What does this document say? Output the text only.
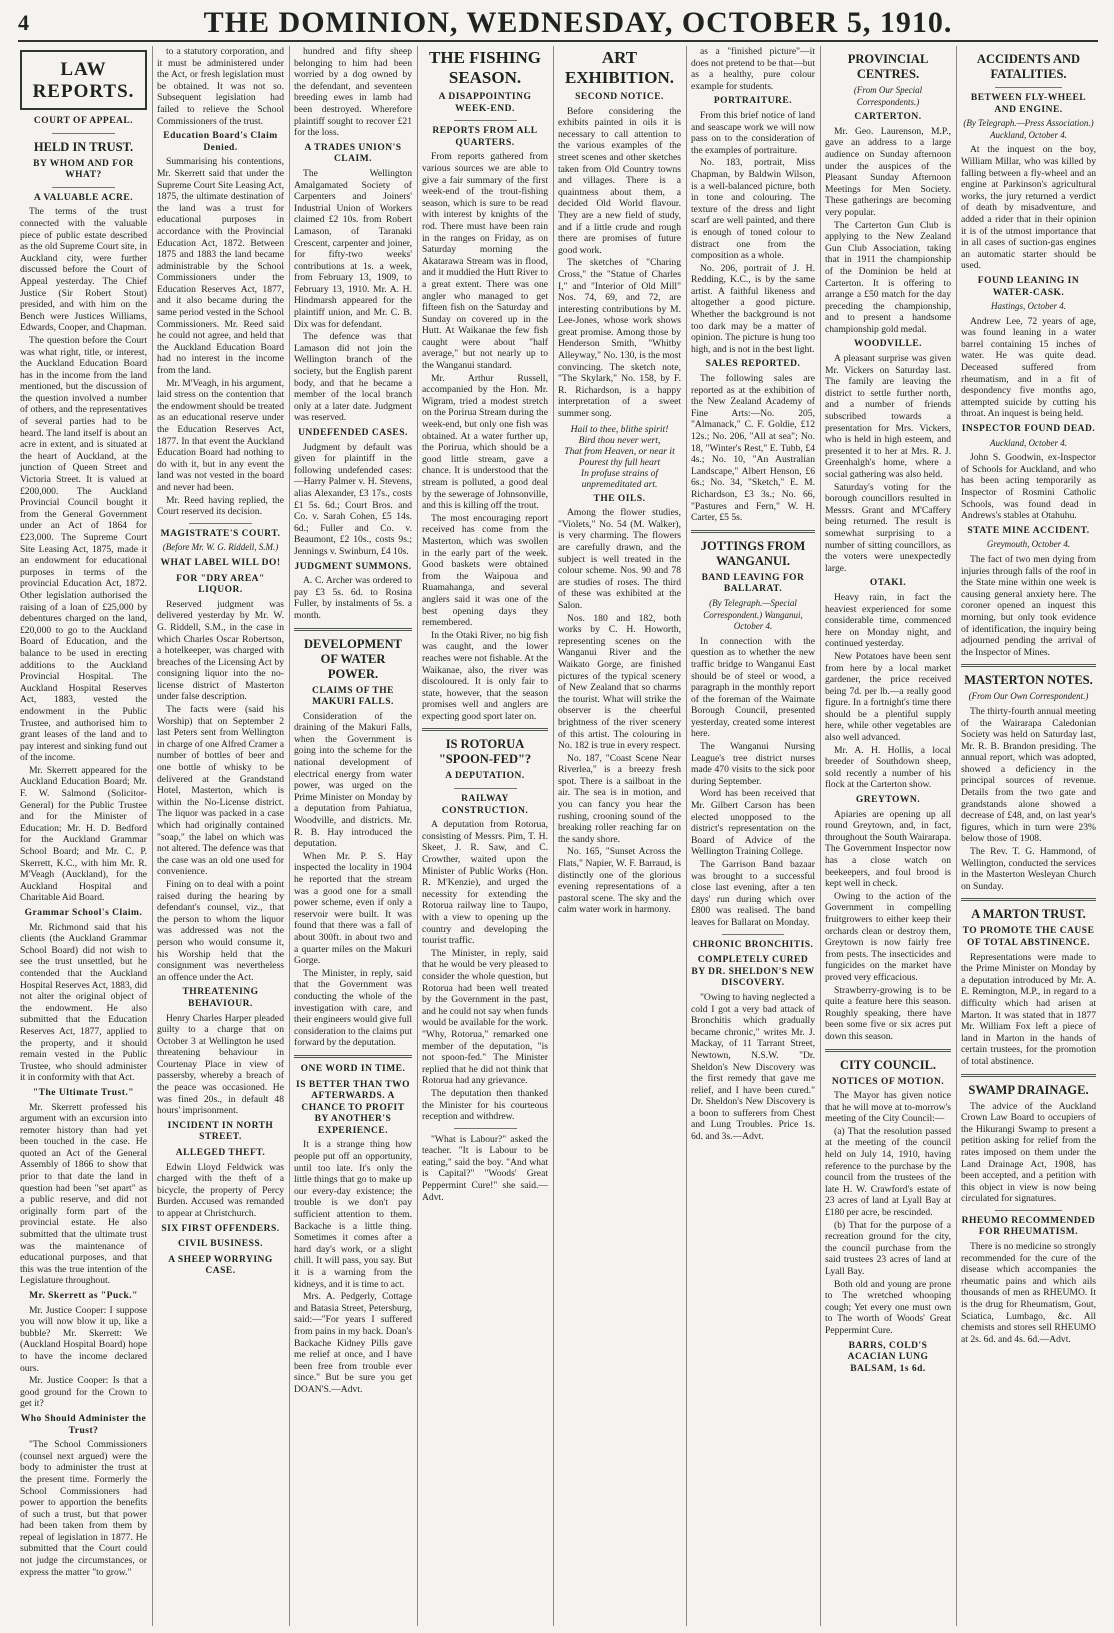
4	THE DOMINION, WEDNESDAY, OCTOBER 5, 1910.
LAW REPORTS.
COURT OF APPEAL.
HELD IN TRUST.
BY WHOM AND FOR WHAT?
A VALUABLE ACRE.

The terms of the trust connected with the valuable piece of public estate described as the old Supreme Court site, in Auckland city, were further discussed before the Court of Appeal yesterday. The Chief Justice (Sir Robert Stout) presided, and with him on the Bench were Justices Williams, Edwards, Cooper, and Chapman.

The question before the Court was what right, title, or interest, the Auckland Education Board has in the income from the land mentioned, but the discussion of the question involved a number of others, and the representatives of several parties had to be heard. The land itself is about an acre in extent, and is situated at the heart of Auckland, at the junction of Queen Street and Victoria Street. It is valued at £200,000. The Auckland Provincial Council bought it from the General Government under an Act of 1864 for £23,000. The Supreme Court Site Leasing Act, 1875, made it an endowment for educational purposes in terms of the provincial Education Act, 1872. Other legislation authorised the raising of a loan of £25,000 by debentures charged on the land, £20,000 to go to the Auckland Board of Education, and the balance to be used in erecting additions to the Auckland Provincial Hospital. The Auckland Hospital Reserves Act, 1883, vested the endowment in the Public Trustee, and authorised him to grant leases of the land and to pay interest and sinking fund out of the income.

Mr. Skerrett appeared for the Auckland Education Board; Mr. F. W. Salmond (Solicitor-General) for the Public Trustee and for the Minister of Education; Mr. H. D. Bedford for the Auckland Grammar School Board; and Mr. C. P. Skerrett, K.C., with him Mr. R. M'Veagh (Auckland), for the Auckland Hospital and Charitable Aid Board.

Grammar School's Claim.

Mr. Richmond said that his clients (the Auckland Grammar School Board) did not wish to see the trust unsettled, but he contended that the Auckland Hospital Reserves Act, 1883, did not alter the original object of the endowment. He also submitted that the Education Reserves Act, 1877, applied to the property, and it should remain vested in the Public Trustee, who should administer it in conformity with that Act.

"The Ultimate Trust."

Mr. Skerrett professed his argument with an excursion into remoter history than had yet been touched in the case. He quoted an Act of the General Assembly of 1866 to show that prior to that date the land in question had been "set apart" as a public reserve, and did not originally form part of the provincial estate. He also submitted that the ultimate trust was the maintenance of educational purposes, and that this was the true intention of the Legislature throughout.

Mr. Skerrett as "Puck."

Mr. Justice Cooper: I suppose you will now blow it up, like a bubble? Mr. Skerrett: We (Auckland Hospital Board) hope to have the income declared ours.

Mr. Justice Cooper: Is that a good ground for the Crown to get it?

Who Should Administer the Trust?

"The School Commissioners (counsel next argued) were the body to administer the trust at the present time. Formerly the School Commissioners had power to apportion the benefits of such a trust, but that power had been taken from them by repeal of legislation in 1877. He submitted that the Court could not judge the circumstances, or express the matter "to grow."

to a statutory corporation, and it must be administered under the Act, or fresh legislation must be obtained. It was not so. Subsequent legislation had failed to relieve the School Commissioners of the trust.

Education Board's Claim Denied.

Summarising his contentions, Mr. Skerrett said that under the Supreme Court Site Leasing Act, 1875, the ultimate destination of the land was a trust for educational purposes in accordance with the Provincial Education Act, 1872. Between 1875 and 1883 the land became administrable by the School Commissioners under the Education Reserves Act, 1877, and it also became during the same period vested in the School Commissioners. Mr. Reed said he could not agree, and held that the Auckland Education Board had no interest in the income from the land.

Mr. M'Veagh, in his argument, laid stress on the contention that the endowment should be treated as an educational reserve under the Education Reserves Act, 1877. In that event the Auckland Education Board had nothing to do with it, but in any event the land was not vested in the board and never had been.

Mr. Reed having replied, the Court reserved its decision.

MAGISTRATE'S COURT.
(Before Mr. W. G. Riddell, S.M.)
WHAT LABEL WILL DO!
FOR "DRY AREA" LIQUOR.

Reserved judgment was delivered yesterday by Mr. W. G. Riddell, S.M., in the case in which Charles Oscar Robertson, a hotelkeeper, was charged with breaches of the Licensing Act by consigning liquor into the no-license district of Masterton under false description.

The facts were (said his Worship) that on September 2 last Peters sent from Wellington in charge of one Alfred Cramer a number of bottles of beer and one bottle of whisky to be delivered at the Grandstand Hotel, Masterton, which is within the No-License district. The liquor was packed in a case which had originally contained "soap," the label on which was not altered. The defence was that the case was an old one used for convenience.

Fining on to deal with a point raised during the hearing by defendant's counsel, viz., that the person to whom the liquor was addressed was not the person who would consume it, his Worship held that the consignment was nevertheless an offence under the Act.

THREATENING BEHAVIOUR.

Henry Charles Harper pleaded guilty to a charge that on October 3 at Wellington he used threatening behaviour in Courtenay Place in view of passersby, whereby a breach of the peace was occasioned. He was fined 20s., in default 48 hours' imprisonment.

INCIDENT IN NORTH STREET.
ALLEGED THEFT.

Edwin Lloyd Feldwick was charged with the theft of a bicycle, the property of Percy Burden. Accused was remanded to appear at Christchurch.

SIX FIRST OFFENDERS.
CIVIL BUSINESS.
A SHEEP WORRYING CASE.

hundred and fifty sheep belonging to him had been worried by a dog owned by the defendant, and seventeen breeding ewes in lamb had been destroyed. Wherefore plaintiff sought to recover £21 for the loss.

A TRADES UNION'S CLAIM.

The Wellington Amalgamated Society of Carpenters and Joiners' Industrial Union of Workers claimed £2 10s. from Robert Lamason, of Taranaki Crescent, carpenter and joiner, for fifty-two weeks' contributions at 1s. a week, from February 13, 1909, to February 13, 1910. Mr. A. H. Hindmarsh appeared for the plaintiff union, and Mr. C. B. Dix was for defendant.

The defence was that Lamason did not join the Wellington branch of the society, but the English parent body, and that he became a member of the local branch only at a later date. Judgment was reserved.

UNDEFENDED CASES.

Judgment by default was given for plaintiff in the following undefended cases:—Harry Palmer v. H. Stevens, alias Alexander, £3 17s., costs £1 5s. 6d.; Court Bros. and Co. v. Sarah Cohen, £5 14s. 6d.; Fuller and Co. v. Beaumont, £2 10s., costs 9s.; Jennings v. Swinburn, £4 10s.

JUDGMENT SUMMONS.

A. C. Archer was ordered to pay £3 5s. 6d. to Rosina Fuller, by instalments of 5s. a month.

DEVELOPMENT OF WATER POWER.
CLAIMS OF THE MAKURI FALLS.

Consideration of the draining of the Makuri Falls, when the Government is going into the scheme for the national development of electrical energy from water power, was urged on the Prime Minister on Monday by a deputation from Pahiatua, Woodville, and districts. Mr. R. B. Hay introduced the deputation.

When Mr. P. S. Hay inspected the locality in 1904 he reported that the stream was a good one for a small power scheme, even if only a reservoir were built. It was found that there was a fall of about 300ft. in about two and a quarter miles on the Makuri Gorge.

The Minister, in reply, said that the Government was conducting the whole of the investigation with care, and their engineers would give full consideration to the claims put forward by the deputation.

ONE WORD IN TIME.
IS BETTER THAN TWO AFTERWARDS. A CHANCE TO PROFIT BY ANOTHER'S EXPERIENCE.

It is a strange thing how people put off an opportunity, until too late. It's only the little things that go to make up our every-day existence; the trouble is we don't pay sufficient attention to them. Backache is a little thing. Sometimes it comes after a hard day's work, or a slight chill. It will pass, you say. But it is a warning from the kidneys, and it is time to act.

Mrs. A. Pedgerly, Cottage and Batasia Street, Petersburg, said:—"For years I suffered from pains in my back. Doan's Backache Kidney Pills gave me relief at once, and I have been free from trouble ever since." But be sure you get DOAN'S.—Advt.

THE FISHING SEASON.
A DISAPPOINTING WEEK-END.
REPORTS FROM ALL QUARTERS.

From reports gathered from various sources we are able to give a fair summary of the first week-end of the trout-fishing season, which is sure to be read with interest by knights of the rod. There must have been rain in the ranges on Friday, as on Saturday morning the Akatarawa Stream was in flood, and it muddied the Hutt River to a great extent. There was one angler who managed to get fifteen fish on the Saturday and Sunday on covered up in the Hutt. At Waikanae the few fish caught were about "half average," but not nearly up to the Wanganui standard.

Mr. Arthur Russell, accompanied by the Hon. Mr. Wigram, tried a modest stretch on the Porirua Stream during the week-end, but only one fish was obtained. At a water further up, the Porirua, which should be a good little stream, gave a chance. It is understood that the stream is polluted, a good deal by the sewerage of Johnsonville, and this is killing off the trout.

The most encouraging report received has come from the Masterton, which was swollen in the early part of the week. Good baskets were obtained from the Waipoua and Ruamahanga, and several anglers said it was one of the best opening days they remembered.

In the Otaki River, no big fish was caught, and the lower reaches were not fishable. At the Waikanae, also, the river was discoloured. It is only fair to state, however, that the season promises well and anglers are expecting good sport later on.

IS ROTORUA "SPOON-FED"?
A DEPUTATION.
RAILWAY CONSTRUCTION.

A deputation from Rotorua, consisting of Messrs. Pim, T. H. Skeet, J. R. Saw, and C. Crowther, waited upon the Minister of Public Works (Hon. R. M'Kenzie), and urged the necessity for extending the Rotorua railway line to Taupo, with a view to opening up the country and developing the tourist traffic.

The Minister, in reply, said that he would be very pleased to consider the whole question, but Rotorua had been well treated by the Government in the past, and he could not say when funds would be available for the work. "Why, Rotorua," remarked one member of the deputation, "is not spoon-fed." The Minister replied that he did not think that Rotorua had any grievance.

The deputation then thanked the Minister for his courteous reception and withdrew.

"What is Labour?" asked the teacher. "It is Labour to be eating," said the boy. "And what is Capital?" "Woods' Great Peppermint Cure!" she said.—Advt.

ART EXHIBITION.
SECOND NOTICE.

Before considering the exhibits painted in oils it is necessary to call attention to the various examples of the street scenes and other sketches taken from Old Country towns and villages. There is a quaintness about them, a decided Old World flavour. They are a new field of study, and if a little crude and rough there are promises of future good work.

The sketches of "Charing Cross," the "Statue of Charles I," and "Interior of Old Mill" Nos. 74, 69, and 72, are interesting contributions by M. Lee-Jones, whose work shows great promise. Among those by Henderson Smith, "Whitby Alleyway," No. 130, is the most convincing. The sketch note, "The Skylark," No. 158, by F. R. Richardson, is a happy interpretation of a sweet summer song.

Hail to thee, blithe spirit!
Bird thou never wert,
That from Heaven, or near it
Pourest thy full heart
In profuse strains of unpremeditated art.
THE OILS.

Among the flower studies, "Violets," No. 54 (M. Walker), is very charming. The flowers are carefully drawn, and the subject is well treated in the colour scheme. Nos. 90 and 78 are studies of roses. The third of these was exhibited at the Salon.

Nos. 180 and 182, both works by C. H. Howorth, representing scenes on the Wanganui River and the Waikato Gorge, are finished pictures of the typical scenery of New Zealand that so charms the tourist. What will strike the observer is the cheerful brightness of the river scenery of this artist. The colouring in No. 182 is true in every respect.

No. 187, "Coast Scene Near Riverlea," is a breezy fresh spot. There is a sailboat in the air. The sea is in motion, and you can fancy you hear the rushing, crooning sound of the breaking roller reaching far on the sandy shore.

No. 165, "Sunset Across the Flats," Napier, W. F. Barraud, is distinctly one of the glorious evening representations of a pastoral scene. The sky and the calm water work in harmony.

as a "finished picture"—it does not pretend to be that—but as a healthy, pure colour example for students.

PORTRAITURE.

From this brief notice of land and seascape work we will now pass on to the consideration of the examples of portraiture.

No. 183, portrait, Miss Chapman, by Baldwin Wilson, is a well-balanced picture, both in tone and colouring. The texture of the dress and light scarf are well painted, and there is enough of toned colour to distract one from the composition as a whole.

No. 206, portrait of J. H. Redding, K.C., is by the same artist. A faithful likeness and altogether a good picture. Whether the background is not too dark may be a matter of opinion. The picture is hung too high, and is not in the best light.

SALES REPORTED.

The following sales are reported as at the exhibition of the New Zealand Academy of Fine Arts:—No. 205, "Almanack," C. F. Goldie, £12 12s.; No. 206, "All at sea"; No. 18, "Winter's Rest," E. Tubb, £4 4s.; No. 10, "An Australian Landscape," Albert Henson, £6 6s.; No. 34, "Sketch," E. M. Richardson, £3 3s.; No. 66, "Pastures and Fern," W. H. Carter, £5 5s.

JOTTINGS FROM WANGANUI.
BAND LEAVING FOR BALLARAT.
(By Telegraph.—Special Correspondent.) Wanganui, October 4.

In connection with the question as to whether the new traffic bridge to Wanganui East should be of steel or wood, a paragraph in the monthly report of the foreman of the Waimate Borough Council, presented yesterday, created some interest here.

The Wanganui Nursing League's tree district nurses made 470 visits to the sick poor during September.

Word has been received that Mr. Gilbert Carson has been elected unopposed to the district's representation on the Board of Advice of the Wellington Training College.

The Garrison Band bazaar was brought to a successful close last evening, after a ten days' run during which over £800 was realised. The band leaves for Ballarat on Monday.

CHRONIC BRONCHITIS.
COMPLETELY CURED BY DR. SHELDON'S NEW DISCOVERY.

"Owing to having neglected a cold I got a very bad attack of Bronchitis which gradually became chronic," writes Mr. J. Mackay, of 11 Tarrant Street, Newtown, N.S.W. "Dr. Sheldon's New Discovery was the first remedy that gave me relief, and I have been cured." Dr. Sheldon's New Discovery is a boon to sufferers from Chest and Lung Troubles. Price 1s. 6d. and 3s.—Advt.

PROVINCIAL CENTRES.
(From Our Special Correspondents.)
CARTERTON.

Mr. Geo. Laurenson, M.P., gave an address to a large audience on Sunday afternoon under the auspices of the Pleasant Sunday Afternoon Meetings for Men Society. These gatherings are becoming very popular.

The Carterton Gun Club is applying to the New Zealand Gun Club Association, taking that in 1911 the championship of the Dominion be held at Carterton. It is offering to arrange a £50 match for the day preceding the championship, and to present a handsome championship gold medal.

WOODVILLE.

A pleasant surprise was given Mr. Vickers on Saturday last. The family are leaving the district to settle further north, and a number of friends subscribed towards a presentation for Mrs. Vickers, who is held in high esteem, and presented it to her at Mrs. R. J. Greenhalgh's home, where a social gathering was also held.

Saturday's voting for the borough councillors resulted in Messrs. Grant and M'Caffery being returned. The result is somewhat surprising to a number of sitting councillors, as the voters were unexpectedly large.

OTAKI.

Heavy rain, in fact the heaviest experienced for some considerable time, commenced here on Monday night, and continued yesterday.

New Potatoes have been sent from here by a local market gardener, the price received being 7d. per lb.—a really good figure. In a fortnight's time there should be a plentiful supply here, while other vegetables are also well advanced.

Mr. A. H. Hollis, a local breeder of Southdown sheep, sold recently a number of his flock at the Carterton show.

GREYTOWN.

Apiaries are opening up all round Greytown, and, in fact, throughout the South Wairarapa. The Government Inspector now has a close watch on beekeepers, and foul brood is kept well in check.

Owing to the action of the Government in compelling fruitgrowers to either keep their orchards clean or destroy them, Greytown is now fairly free from pests. The insecticides and fungicides on the market have proved very efficacious.

Strawberry-growing is to be quite a feature here this season. Roughly speaking, there have been some five or six acres put down this season.

CITY COUNCIL.
NOTICES OF MOTION.

The Mayor has given notice that he will move at to-morrow's meeting of the City Council:—

(a) That the resolution passed at the meeting of the council held on July 14, 1910, having reference to the purchase by the council from the trustees of the late H. W. Crawford's estate of 23 acres of land at Lyall Bay at £180 per acre, be rescinded.

(b) That for the purpose of a recreation ground for the city, the council purchase from the said trustees 23 acres of land at Lyall Bay.

Both old and young are prone to The wretched whooping cough; Yet every one must own to The worth of Woods' Great Peppermint Cure.

BARRS, COLD'S ACACIAN LUNG BALSAM, 1s 6d.
ACCIDENTS AND FATALITIES.
BETWEEN FLY-WHEEL AND ENGINE.
(By Telegraph.—Press Association.) Auckland, October 4.

At the inquest on the boy, William Millar, who was killed by falling between a fly-wheel and an engine at Parkinson's agricultural works, the jury returned a verdict of death by misadventure, and added a rider that in their opinion it is of the utmost importance that in all cases of suction-gas engines an automatic starter should be used.

FOUND LEANING IN WATER-CASK.
Hastings, October 4.

Andrew Lee, 72 years of age, was found leaning in a water barrel containing 15 inches of water. He was quite dead. Deceased suffered from rheumatism, and in a fit of despondency five months ago, attempted suicide by cutting his throat. An inquest is being held.

INSPECTOR FOUND DEAD.
Auckland, October 4.

John S. Goodwin, ex-Inspector of Schools for Auckland, and who has been acting temporarily as Inspector of Rosmini Catholic Schools, was found dead in Andrews's stables at Otahuhu.

STATE MINE ACCIDENT.
Greymouth, October 4.

The fact of two men dying from injuries through falls of the roof in the State mine within one week is causing general anxiety here. The coroner opened an inquest this morning, but only took evidence of identification, the inquiry being adjourned pending the arrival of the Inspector of Mines.

MASTERTON NOTES.
(From Our Own Correspondent.)

The thirty-fourth annual meeting of the Wairarapa Caledonian Society was held on Saturday last, Mr. R. B. Brandon presiding. The annual report, which was adopted, showed a deficiency in the principal sources of revenue. Details from the two gate and grandstands alone showed a decrease of £48, and, on last year's figures, which in turn were 23% below those of 1908.

The Rev. T. G. Hammond, of Wellington, conducted the services in the Masterton Wesleyan Church on Sunday.

A MARTON TRUST.
TO PROMOTE THE CAUSE OF TOTAL ABSTINENCE.

Representations were made to the Prime Minister on Monday by a deputation introduced by Mr. A. E. Remington, M.P., in regard to a difficulty which had arisen at Marton. It was stated that in 1877 Mr. William Fox left a piece of land in Marton in the hands of certain trustees, for the promotion of total abstinence.

SWAMP DRAINAGE.

The advice of the Auckland Crown Law Board to occupiers of the Hikurangi Swamp to present a petition asking for relief from the rates imposed on them under the Land Drainage Act, 1908, has been accepted, and a petition with this object in view is now being circulated for signatures.

RHEUMO RECOMMENDED FOR RHEUMATISM.

There is no medicine so strongly recommended for the cure of the disease which accompanies the rheumatic pains and which ails thousands of men as RHEUMO. It is the drug for Rheumatism, Gout, Sciatica, Lumbago, &c. All chemists and stores sell RHEUMO at 2s. 6d. and 4s. 6d.—Advt.
